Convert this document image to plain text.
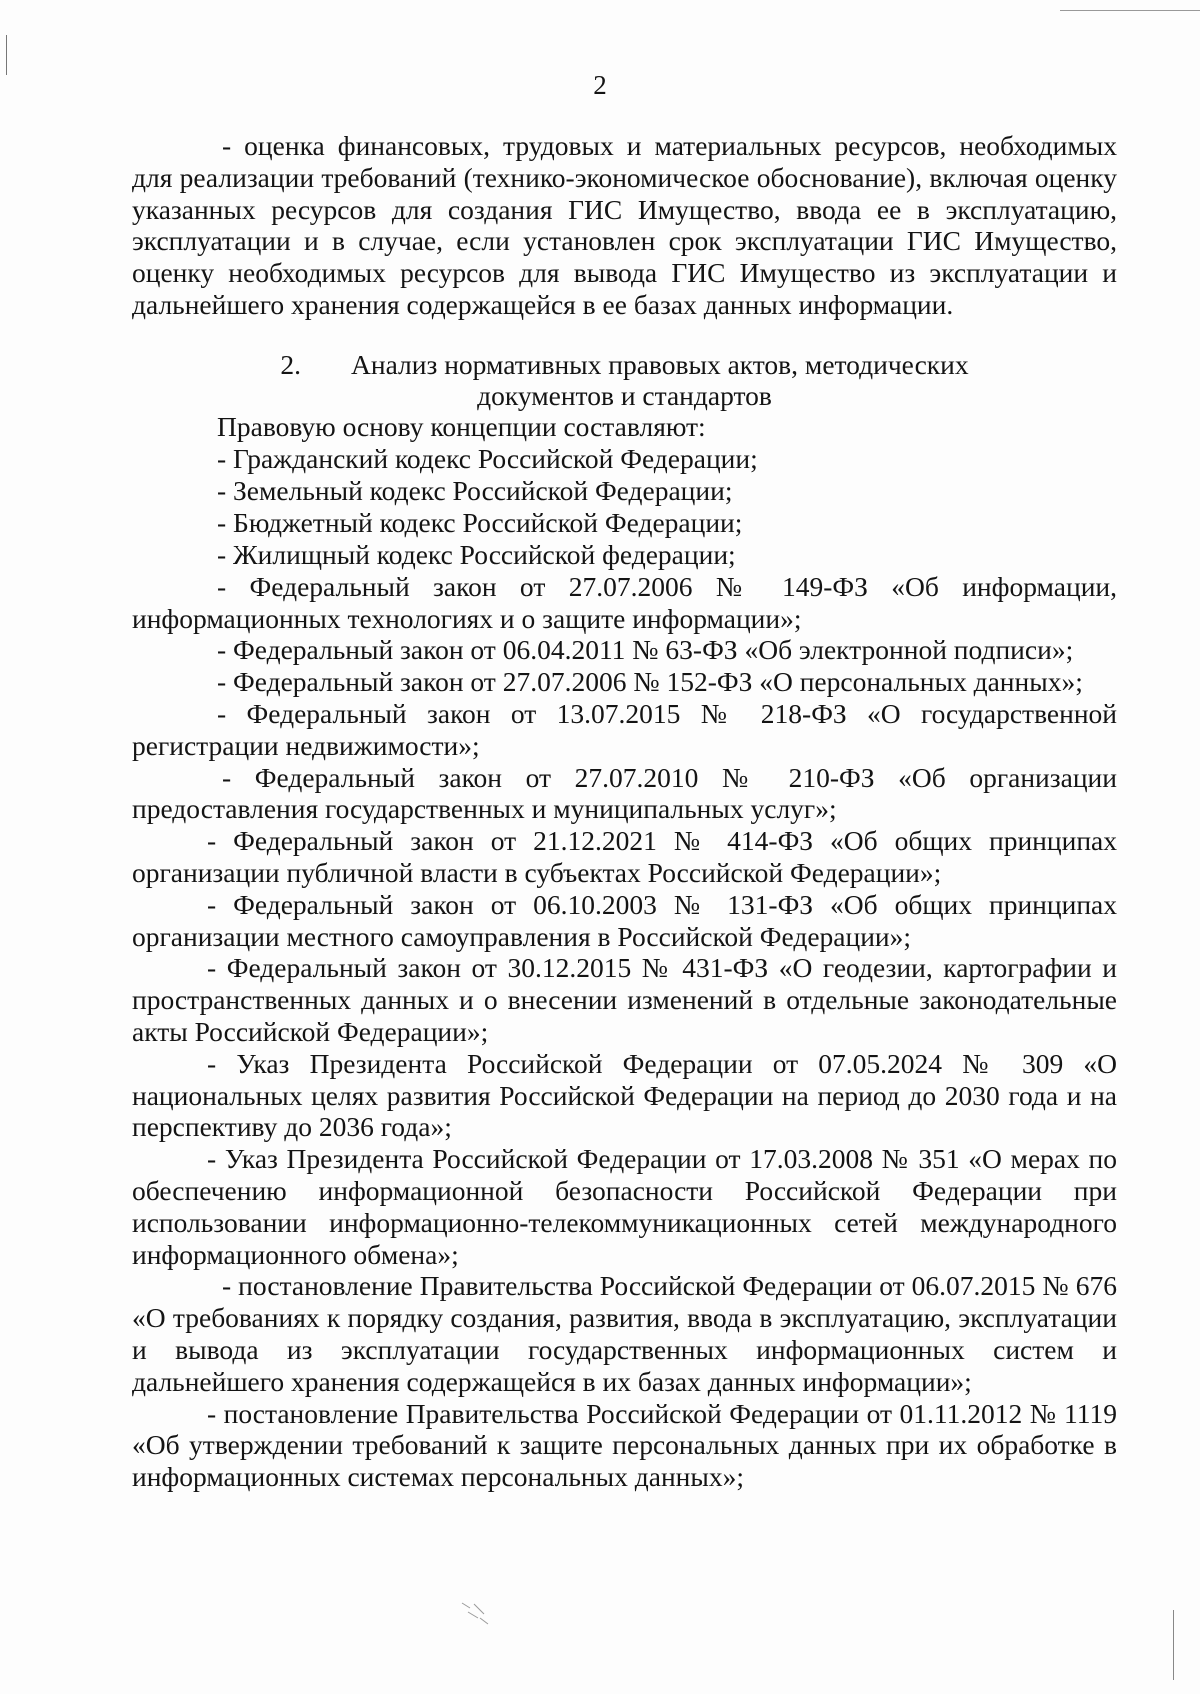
2

- оценка финансовых, трудовых и материальных ресурсов, необходимых для реализации требований (технико-экономическое обоснование), включая оценку указанных ресурсов для создания ГИС Имущество, ввода ее в эксплуатацию, эксплуатации и в случае, если установлен срок эксплуатации ГИС Имущество, оценку необходимых ресурсов для вывода ГИС Имущество из эксплуатации и дальнейшего хранения содержащейся в ее базах данных информации.

2. Анализ нормативных правовых актов, методических
документов и стандартов

Правовую основу концепции составляют:

- Гражданский кодекс Российской Федерации;

- Земельный кодекс Российской Федерации;

- Бюджетный кодекс Российской Федерации;

- Жилищный кодекс Российской федерации;

- Федеральный закон от 27.07.2006 № 149-ФЗ «Об информации, информационных технологиях и о защите информации»;

- Федеральный закон от 06.04.2011 № 63-ФЗ «Об электронной подписи»;

- Федеральный закон от 27.07.2006 № 152-ФЗ «О персональных данных»;

- Федеральный закон от 13.07.2015 № 218-ФЗ «О государственной регистрации недвижимости»;

- Федеральный закон от 27.07.2010 № 210-ФЗ «Об организации предоставления государственных и муниципальных услуг»;

- Федеральный закон от 21.12.2021 № 414-ФЗ «Об общих принципах организации публичной власти в субъектах Российской Федерации»;

- Федеральный закон от 06.10.2003 № 131-ФЗ «Об общих принципах организации местного самоуправления в Российской Федерации»;

- Федеральный закон от 30.12.2015 № 431-ФЗ «О геодезии, картографии и пространственных данных и о внесении изменений в отдельные законодательные акты Российской Федерации»;

- Указ Президента Российской Федерации от 07.05.2024 № 309 «О национальных целях развития Российской Федерации на период до 2030 года и на перспективу до 2036 года»;

- Указ Президента Российской Федерации от 17.03.2008 № 351 «О мерах по обеспечению информационной безопасности Российской Федерации при использовании информационно-телекоммуникационных сетей международного информационного обмена»;

- постановление Правительства Российской Федерации от 06.07.2015 № 676 «О требованиях к порядку создания, развития, ввода в эксплуатацию, эксплуатации и вывода из эксплуатации государственных информационных систем и дальнейшего хранения содержащейся в их базах данных информации»;

- постановление Правительства Российской Федерации от 01.11.2012 № 1119 «Об утверждении требований к защите персональных данных при их обработке в информационных системах персональных данных»;
